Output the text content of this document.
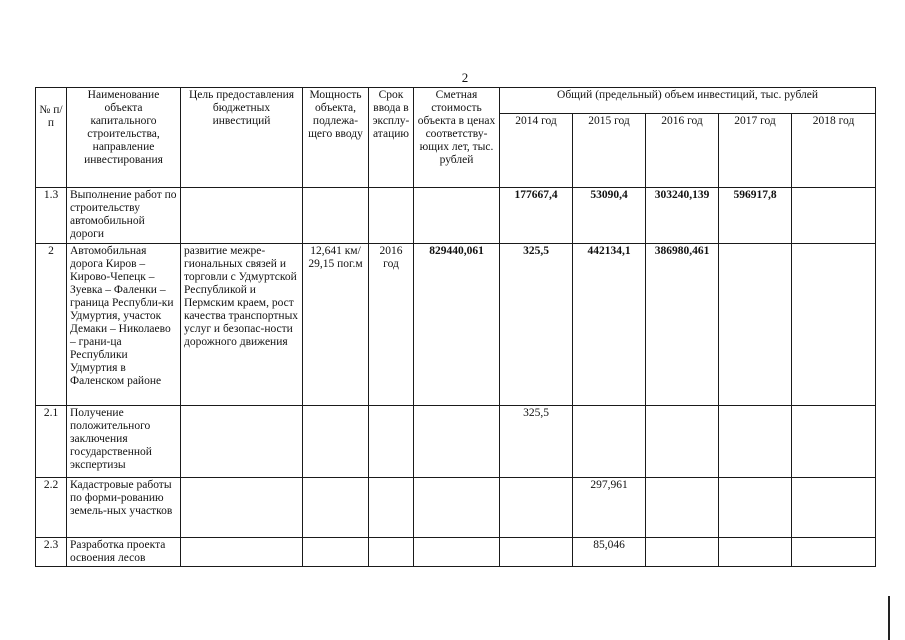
2
№ п/п	Наименование объекта капитального строительства, направление инвестирования	Цель предоставления бюджетных инвестиций	Мощность объекта, подлежа-щего вводу	Срок ввода в эксплу-атацию	Сметная стоимость объекта в ценах соответству-ющих лет, тыс. рублей	Общий (предельный) объем инвестиций, тыс. рублей				
						2014 год	2015 год	2016 год	2017 год	2018 год
1.3	Выполнение работ по строительству автомобильной дороги					177667,4	53090,4	303240,139	596917,8	
2	Автомобильная дорога Киров – Кирово-Чепецк – Зуевка – Фаленки – граница Республи-ки Удмуртия, участок Демаки – Николаево – грани-ца Республики Удмуртия в Фаленском районе	развитие межре-гиональных связей и торговли с Удмуртской Республикой и Пермским краем, рост качества транспортных услуг и безопас-ности дорожного движения	12,641 км/ 29,15 пог.м	2016 год	829440,061	325,5	442134,1	386980,461		
2.1	Получение положительного заключения государственной экспертизы					325,5				
2.2	Кадастровые работы по форми-рованию земель-ных участков						297,961			
2.3	Разработка проекта освоения лесов						85,046			
